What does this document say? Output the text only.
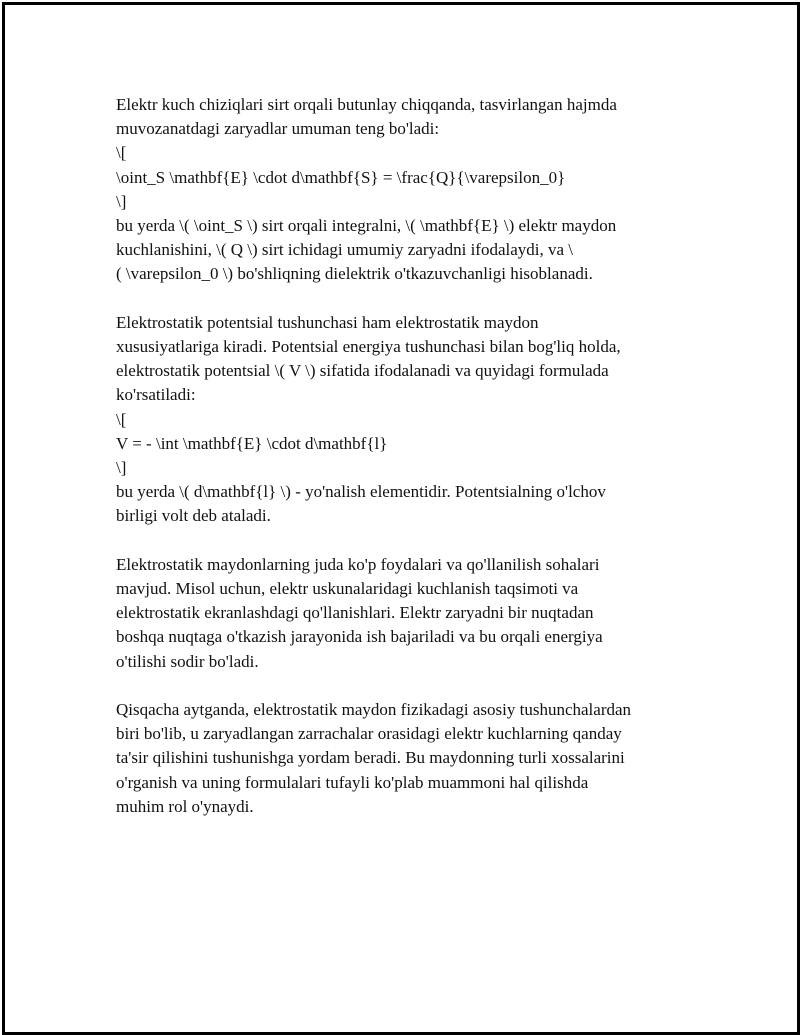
Elektr kuch chiziqlari sirt orqali butunlay chiqqanda, tasvirlangan hajmda
muvozanatdagi zaryadlar umuman teng bo'ladi:
\[
\oint_S \mathbf{E} \cdot d\mathbf{S} = \frac{Q}{\varepsilon_0}
\]
bu yerda \( \oint_S \) sirt orqali integralni, \( \mathbf{E} \) elektr maydon
kuchlanishini, \( Q \) sirt ichidagi umumiy zaryadni ifodalaydi, va \
( \varepsilon_0 \) bo'shliqning dielektrik o'tkazuvchanligi hisoblanadi.
Elektrostatik potentsial tushunchasi ham elektrostatik maydon
xususiyatlariga kiradi. Potentsial energiya tushunchasi bilan bog'liq holda,
elektrostatik potentsial \( V \) sifatida ifodalanadi va quyidagi formulada
ko'rsatiladi:
\[
V = - \int \mathbf{E} \cdot d\mathbf{l}
\]
bu yerda \( d\mathbf{l} \) - yo'nalish elementidir. Potentsialning o'lchov
birligi volt deb ataladi.
Elektrostatik maydonlarning juda ko'p foydalari va qo'llanilish sohalari
mavjud. Misol uchun, elektr uskunalaridagi kuchlanish taqsimoti va
elektrostatik ekranlashdagi qo'llanishlari. Elektr zaryadni bir nuqtadan
boshqa nuqtaga o'tkazish jarayonida ish bajariladi va bu orqali energiya
o'tilishi sodir bo'ladi.
Qisqacha aytganda, elektrostatik maydon fizikadagi asosiy tushunchalardan
biri bo'lib, u zaryadlangan zarrachalar orasidagi elektr kuchlarning qanday
ta'sir qilishini tushunishga yordam beradi. Bu maydonning turli xossalarini
o'rganish va uning formulalari tufayli ko'plab muammoni hal qilishda
muhim rol o'ynaydi.
